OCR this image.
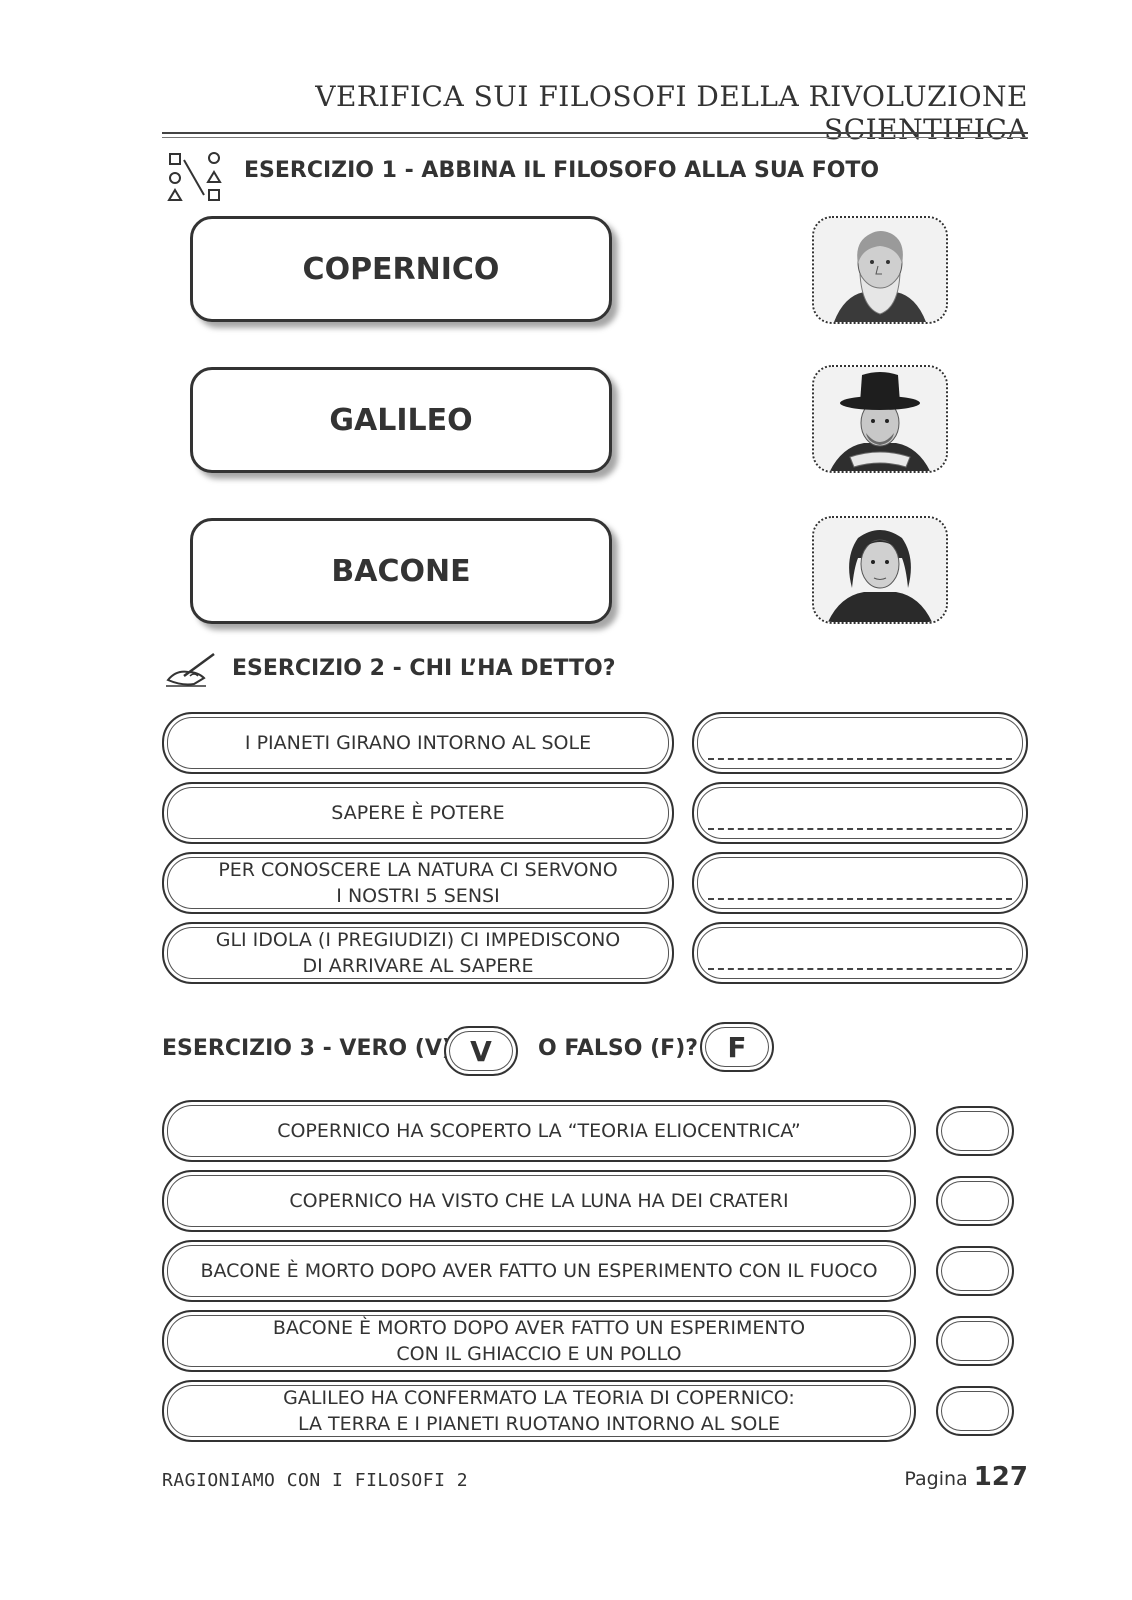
VERIFICA SUI FILOSOFI DELLA RIVOLUZIONE SCIENTIFICA
ESERCIZIO 1 - ABBINA IL FILOSOFO ALLA SUA FOTO
COPERNICO
GALILEO
BACONE
ESERCIZIO 2 - CHI L’HA DETTO?
I PIANETI GIRANO INTORNO AL SOLE
SAPERE È POTERE
PER CONOSCERE LA NATURA CI SERVONO
I NOSTRI 5 SENSI
GLI IDOLA (I PREGIUDIZI) CI IMPEDISCONO
DI ARRIVARE AL SAPERE
ESERCIZIO 3 - VERO (V) V	O FALSO (F)?	F
COPERNICO HA SCOPERTO LA “TEORIA ELIOCENTRICA”
COPERNICO HA VISTO CHE LA LUNA HA DEI CRATERI
BACONE È MORTO DOPO AVER FATTO UN ESPERIMENTO CON IL FUOCO
BACONE È MORTO DOPO AVER FATTO UN ESPERIMENTO
CON IL GHIACCIO E UN POLLO
GALILEO HA CONFERMATO LA TEORIA DI COPERNICO:
LA TERRA E I PIANETI RUOTANO INTORNO AL SOLE
RAGIONIAMO CON I FILOSOFI 2	Pagina 127
